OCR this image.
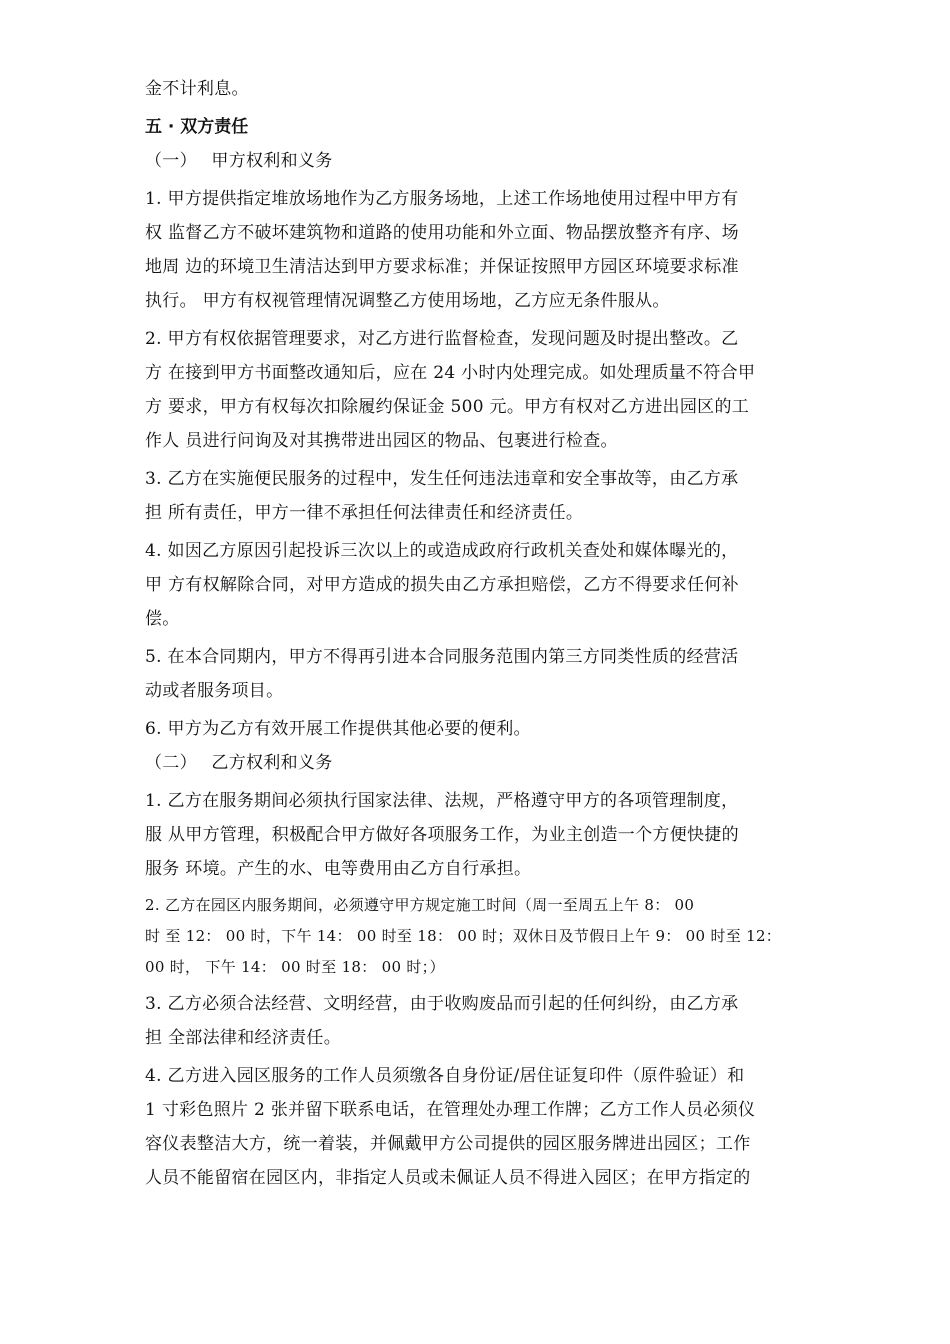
金不计利息。
五 · 双方责任
（一）　 甲方权利和义务
1. 甲方提供指定堆放场地作为乙方服务场地，上述工作场地使用过程中甲方有
权 监督乙方不破坏建筑物和道路的使用功能和外立面、物品摆放整齐有序、场
地周 边的环境卫生清洁达到甲方要求标准；并保证按照甲方园区环境要求标准
执行。 甲方有权视管理情况调整乙方使用场地，乙方应无条件服从。
2. 甲方有权依据管理要求，对乙方进行监督检查，发现问题及时提出整改。乙
方 在接到甲方书面整改通知后，应在 24 小时内处理完成。如处理质量不符合甲
方 要求，甲方有权每次扣除履约保证金 500 元。甲方有权对乙方进出园区的工
作人 员进行问询及对其携带进出园区的物品、包裹进行检查。
3. 乙方在实施便民服务的过程中，发生任何违法违章和安全事故等，由乙方承
担 所有责任，甲方一律不承担任何法律责任和经济责任。
4. 如因乙方原因引起投诉三次以上的或造成政府行政机关查处和媒体曝光的，
甲 方有权解除合同，对甲方造成的损失由乙方承担赔偿，乙方不得要求任何补
偿。
5. 在本合同期内，甲方不得再引进本合同服务范围内第三方同类性质的经营活
动或者服务项目。
6. 甲方为乙方有效开展工作提供其他必要的便利。
（二）　 乙方权利和义务
1. 乙方在服务期间必须执行国家法律、法规，严格遵守甲方的各项管理制度，
服 从甲方管理，积极配合甲方做好各项服务工作，为业主创造一个方便快捷的
服务 环境。产生的水、电等费用由乙方自行承担。
2. 乙方在园区内服务期间，必须遵守甲方规定施工时间（周一至周五上午 8： 00
时 至 12： 00 时，下午 14： 00 时至 18： 00 时；双休日及节假日上午 9： 00 时至 12：
00 时， 下午 14： 00 时至 18： 00 时；）
3. 乙方必须合法经营、文明经营，由于收购废品而引起的任何纠纷，由乙方承
担 全部法律和经济责任。
4. 乙方进入园区服务的工作人员须缴各自身份证/居住证复印件（原件验证）和
1 寸彩色照片 2 张并留下联系电话，在管理处办理工作牌；乙方工作人员必须仪
容仪表整洁大方，统一着装，并佩戴甲方公司提供的园区服务牌进出园区；工作
人员不能留宿在园区内，非指定人员或未佩证人员不得进入园区；在甲方指定的
